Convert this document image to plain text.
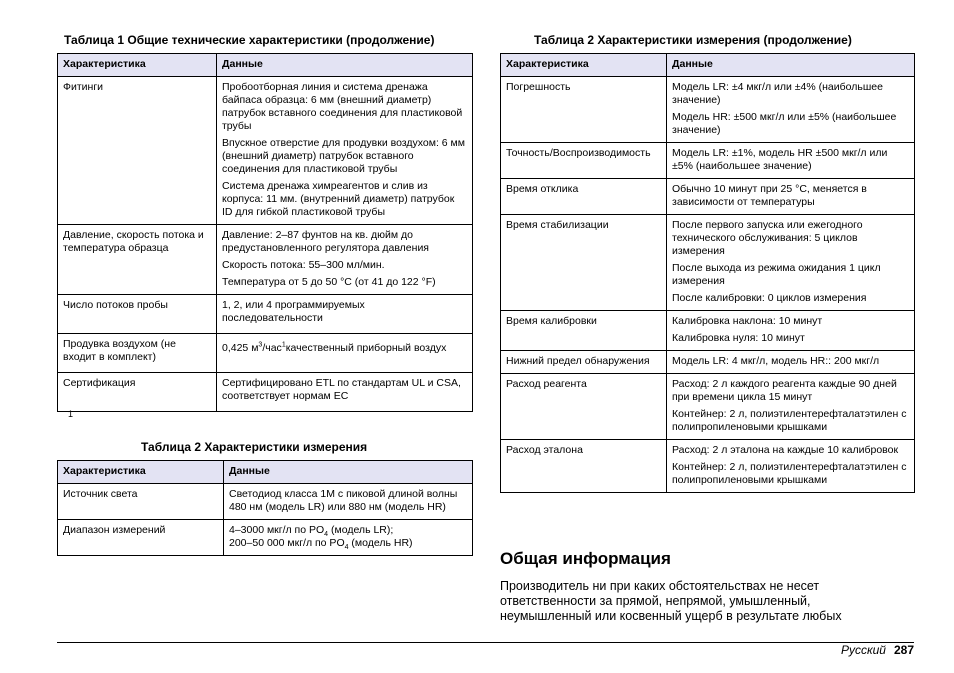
Таблица 1 Общие технические характеристики (продолжение)
Характеристика	Данные
Фитинги	Пробоотборная линия и система дренажа байпаса образца: 6 мм (внешний диаметр) патрубок вставного соединения для пластиковой трубы
Впускное отверстие для продувки воздухом: 6 мм (внешний диаметр) патрубок вставного соединения для пластиковой трубы
Система дренажа химреагентов и слив из корпуса: 11 мм. (внутренний диаметр) патрубок ID для гибкой пластиковой трубы

Давление, скорость потока и температура образца	Давление: 2–87 фунтов на кв. дюйм до предустановленного регулятора давления
Скорость потока: 55–300 мл/мин.
Температура от 5 до 50 °C (от 41 до 122 °F)

Число потоков пробы	1, 2, или 4 программируемых последовательности

Продувка воздухом (не входит в комплект)	0,425 $м^3/час^1качественный$ приборный воздух
Сертификация	Сертифицировано ETL по стандартам UL и CSA, соответствует нормам ЕС
1
Таблица 2 Характеристики измерения
Характеристика	Данные
Источник света	Светодиод класса 1M с пиковой длиной волны 480 нм (модель LR) или 880 нм (модель HR)

Диапазон измерений	4–3000 мкг/л по $PO_4$ (модель LR);
200–50 000 мкг/л по $PO_4$ (модель HR)
Таблица 2 Характеристики измерения (продолжение)
Характеристика	Данные
Погрешность	Модель LR: ±4 мкг/л или ±4% (наибольшее значение)
Модель HR: ±500 мкг/л или ±5% (наибольшее значение)

Точность/Воспроизводимость	Модель LR: ±1%, модель HR ±500 мкг/л или ±5% (наибольшее значение)

Время отклика	Обычно 10 минут при 25 °C, меняется в зависимости от температуры

Время стабилизации	После первого запуска или ежегодного технического обслуживания: 5 циклов измерения
После выхода из режима ожидания 1 цикл измерения
После калибровки: 0 циклов измерения

Время калибровки	Калибровка наклона: 10 минут
Калибровка нуля: 10 минут

Нижний предел обнаружения	Модель LR: 4 мкг/л, модель HR:: 200 мкг/л

Расход реагента	Расход: 2 л каждого реагента каждые 90 дней при времени цикла 15 минут
Контейнер: 2 л, полиэтилентерефталатэтилен с полипропиленовыми крышками

Расход эталона	Расход: 2 л эталона на каждые 10 калибровок
Контейнер: 2 л, полиэтилентерефталатэтилен с полипропиленовыми крышками
Общая информация
Производитель ни при каких обстоятельствах не несет
ответственности за прямой, непрямой, умышленный,
неумышленный или косвенный ущерб в результате любых
Русский 287
